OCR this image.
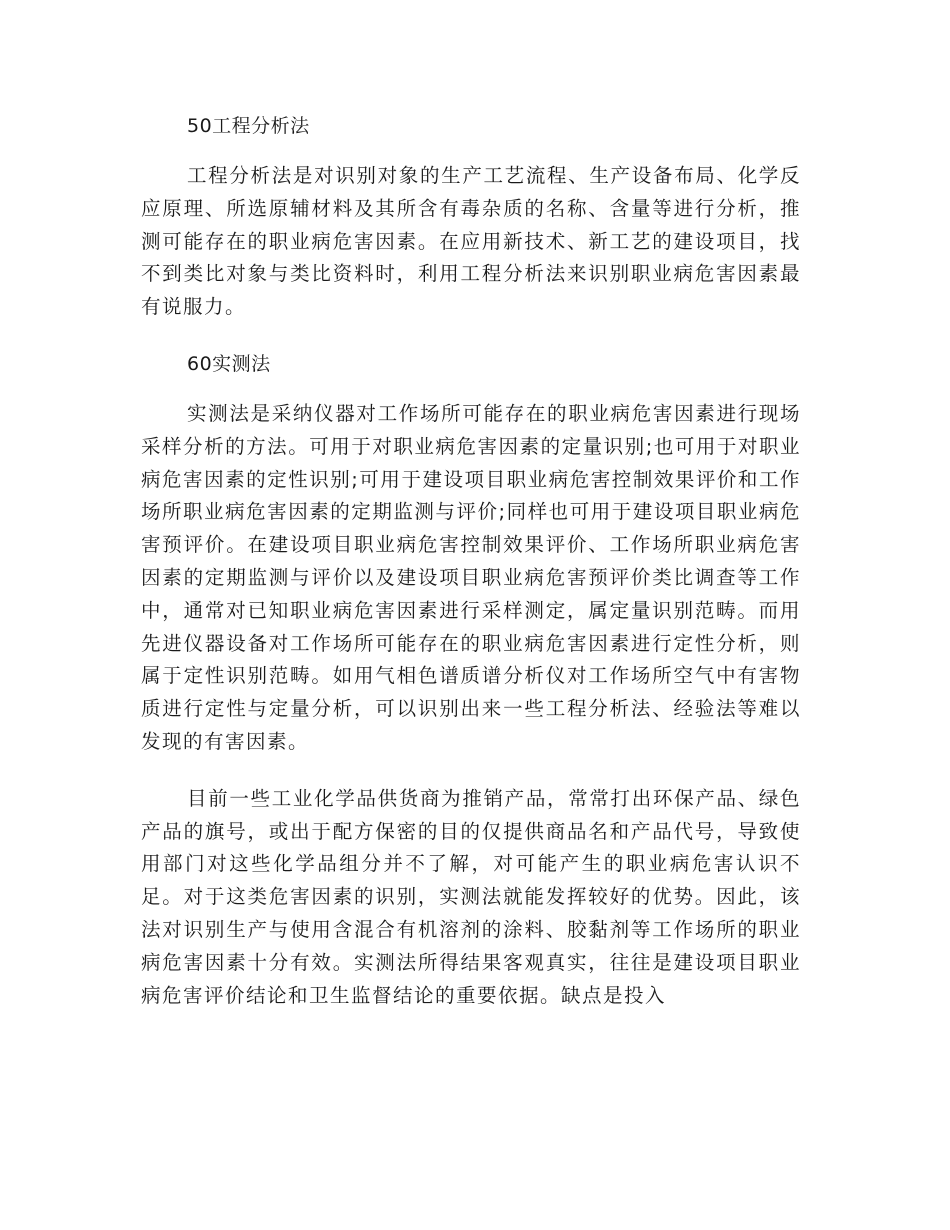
50工程分析法

工程分析法是对识别对象的生产工艺流程、生产设备布局、化学反应原理、所选原辅材料及其所含有毒杂质的名称、含量等进行分析，推测可能存在的职业病危害因素。在应用新技术、新工艺的建设项目，找不到类比对象与类比资料时，利用工程分析法来识别职业病危害因素最有说服力。

60实测法

实测法是采纳仪器对工作场所可能存在的职业病危害因素进行现场采样分析的方法。可用于对职业病危害因素的定量识别;也可用于对职业病危害因素的定性识别;可用于建设项目职业病危害控制效果评价和工作场所职业病危害因素的定期监测与评价;同样也可用于建设项目职业病危害预评价。在建设项目职业病危害控制效果评价、工作场所职业病危害因素的定期监测与评价以及建设项目职业病危害预评价类比调查等工作中，通常对已知职业病危害因素进行采样测定，属定量识别范畴。而用先进仪器设备对工作场所可能存在的职业病危害因素进行定性分析，则属于定性识别范畴。如用气相色谱质谱分析仪对工作场所空气中有害物质进行定性与定量分析，可以识别出来一些工程分析法、经验法等难以发现的有害因素。

目前一些工业化学品供货商为推销产品，常常打出环保产品、绿色产品的旗号，或出于配方保密的目的仅提供商品名和产品代号，导致使用部门对这些化学品组分并不了解，对可能产生的职业病危害认识不足。对于这类危害因素的识别，实测法就能发挥较好的优势。因此，该法对识别生产与使用含混合有机溶剂的涂料、胶黏剂等工作场所的职业病危害因素十分有效。实测法所得结果客观真实，往往是建设项目职业病危害评价结论和卫生监督结论的重要依据。缺点是投入
